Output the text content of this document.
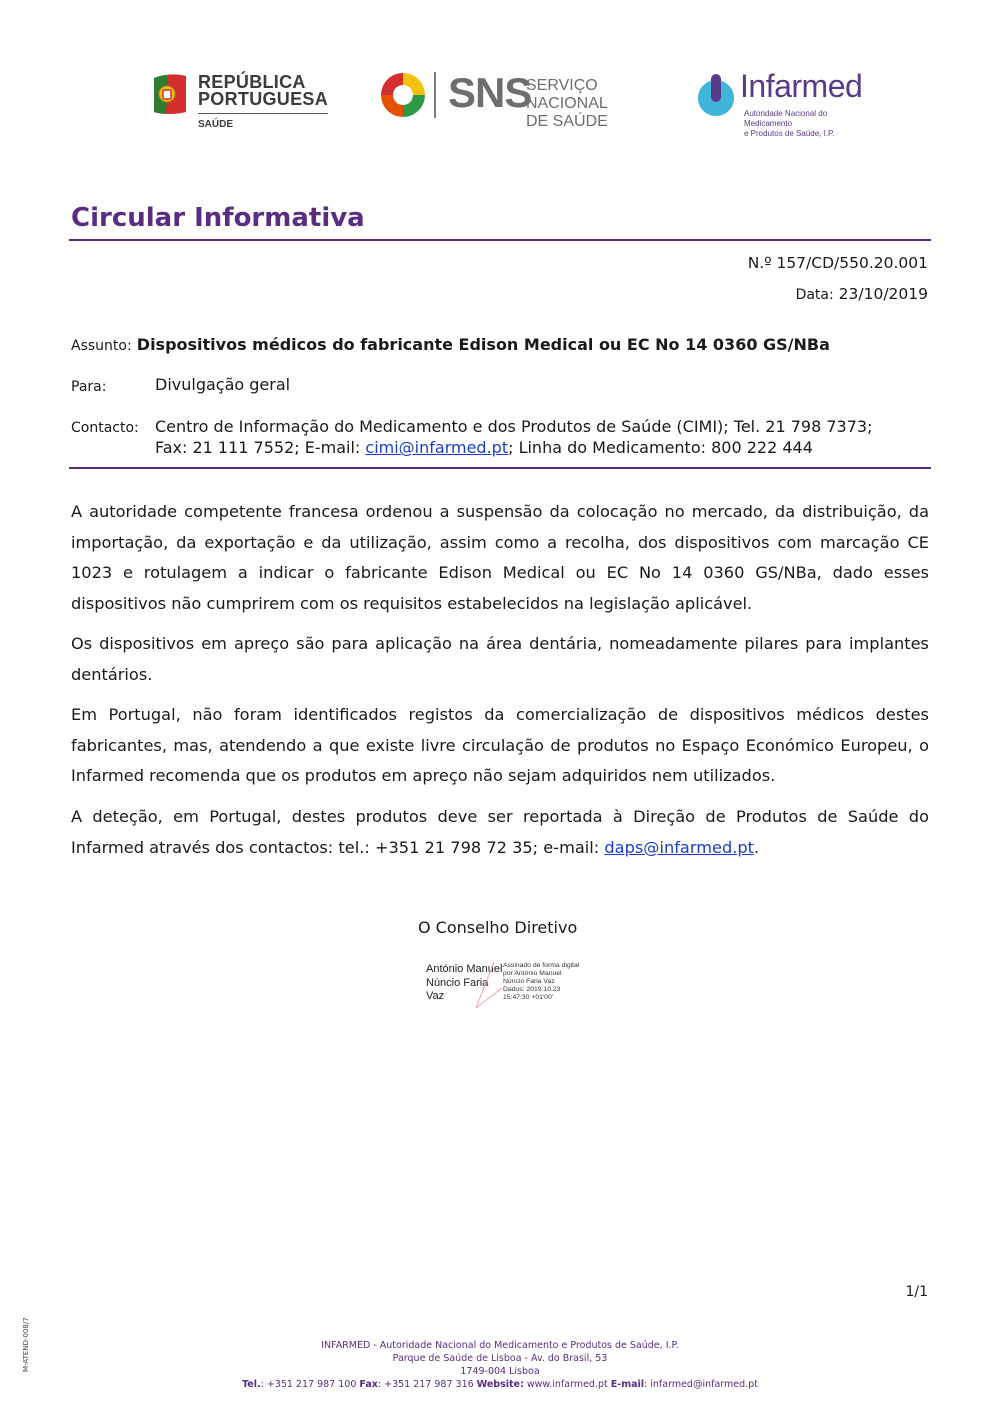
REPÚBLICA
PORTUGUESA
SAÚDE
SNS
SERVIÇO NACIONAL
DE SAÚDE
Infarmed
Autoridade Nacional do Medicamento
e Produtos de Saúde, I.P.
Circular Informativa
N.º 157/CD/550.20.001
Data: 23/10/2019
Assunto: Dispositivos médicos do fabricante Edison Medical ou EC No 14 0360 GS/NBa
Para:	Divulgação geral
Contacto: Centro de Informação do Medicamento e dos Produtos de Saúde (CIMI); Tel. 21 798 7373;
Fax: 21 111 7552; E-mail: cimi@infarmed.pt; Linha do Medicamento: 800 222 444
A autoridade competente francesa ordenou a suspensão da colocação no mercado, da distribuição, da importação, da exportação e da utilização, assim como a recolha, dos dispositivos com marcação CE 1023 e rotulagem a indicar o fabricante Edison Medical ou EC No 14 0360 GS/NBa, dado esses dispositivos não cumprirem com os requisitos estabelecidos na legislação aplicável.
Os dispositivos em apreço são para aplicação na área dentária, nomeadamente pilares para implantes dentários.
Em Portugal, não foram identificados registos da comercialização de dispositivos médicos destes fabricantes, mas, atendendo a que existe livre circulação de produtos no Espaço Económico Europeu, o Infarmed recomenda que os produtos em apreço não sejam adquiridos nem utilizados.
A deteção, em Portugal, destes produtos deve ser reportada à Direção de Produtos de Saúde do Infarmed através dos contactos: tel.: +351 21 798 72 35; e-mail: daps@infarmed.pt.
O Conselho Diretivo
António Manuel
Núncio Faria
Vaz
Assinado de forma digital
por António Manuel
Núncio Faria Vaz
Dados: 2019.10.23
15:47:30 +01'00'
1/1
M-ATEND-008/7	INFARMED - Autoridade Nacional do Medicamento e Produtos de Saúde, I.P.
Parque de Saúde de Lisboa - Av. do Brasil, 53
1749-004 Lisboa
Tel.: +351 217 987 100 Fax: +351 217 987 316 Website: www.infarmed.pt E-mail: infarmed@infarmed.pt
